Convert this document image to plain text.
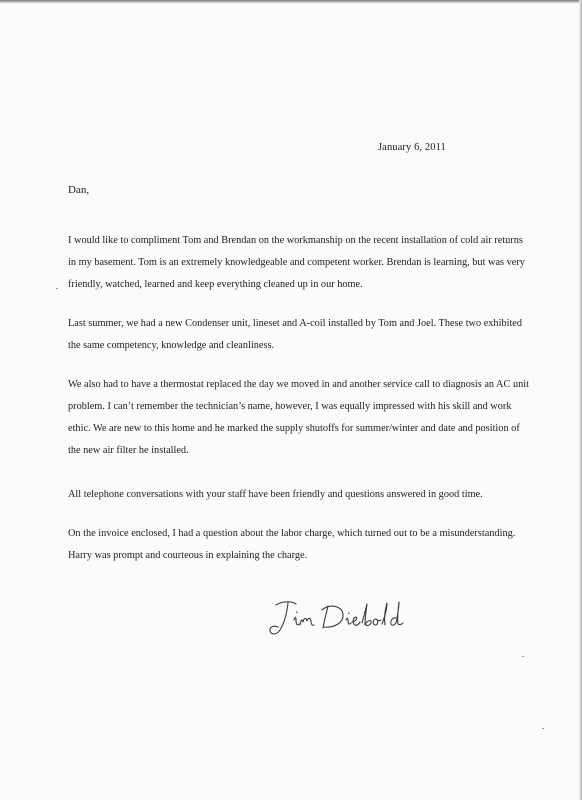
January 6, 2011
Dan,

I would like to compliment Tom and Brendan on the workmanship on the recent installation of cold air returns in my basement. Tom is an extremely knowledgeable and competent worker. Brendan is learning, but was very friendly, watched, learned and keep everything cleaned up in our home.

Last summer, we had a new Condenser unit, lineset and A-coil installed by Tom and Joel. These two exhibited the same competency, knowledge and cleanliness.

We also had to have a thermostat replaced the day we moved in and another service call to diagnosis an AC unit problem. I can’t remember the technician’s name, however, I was equally impressed with his skill and work ethic. We are new to this home and he marked the supply shutoffs for summer/winter and date and position of the new air filter he installed.

All telephone conversations with your staff have been friendly and questions answered in good time.

On the invoice enclosed, I had a question about the labor charge, which turned out to be a misunderstanding. Harry was prompt and courteous in explaining the charge.
